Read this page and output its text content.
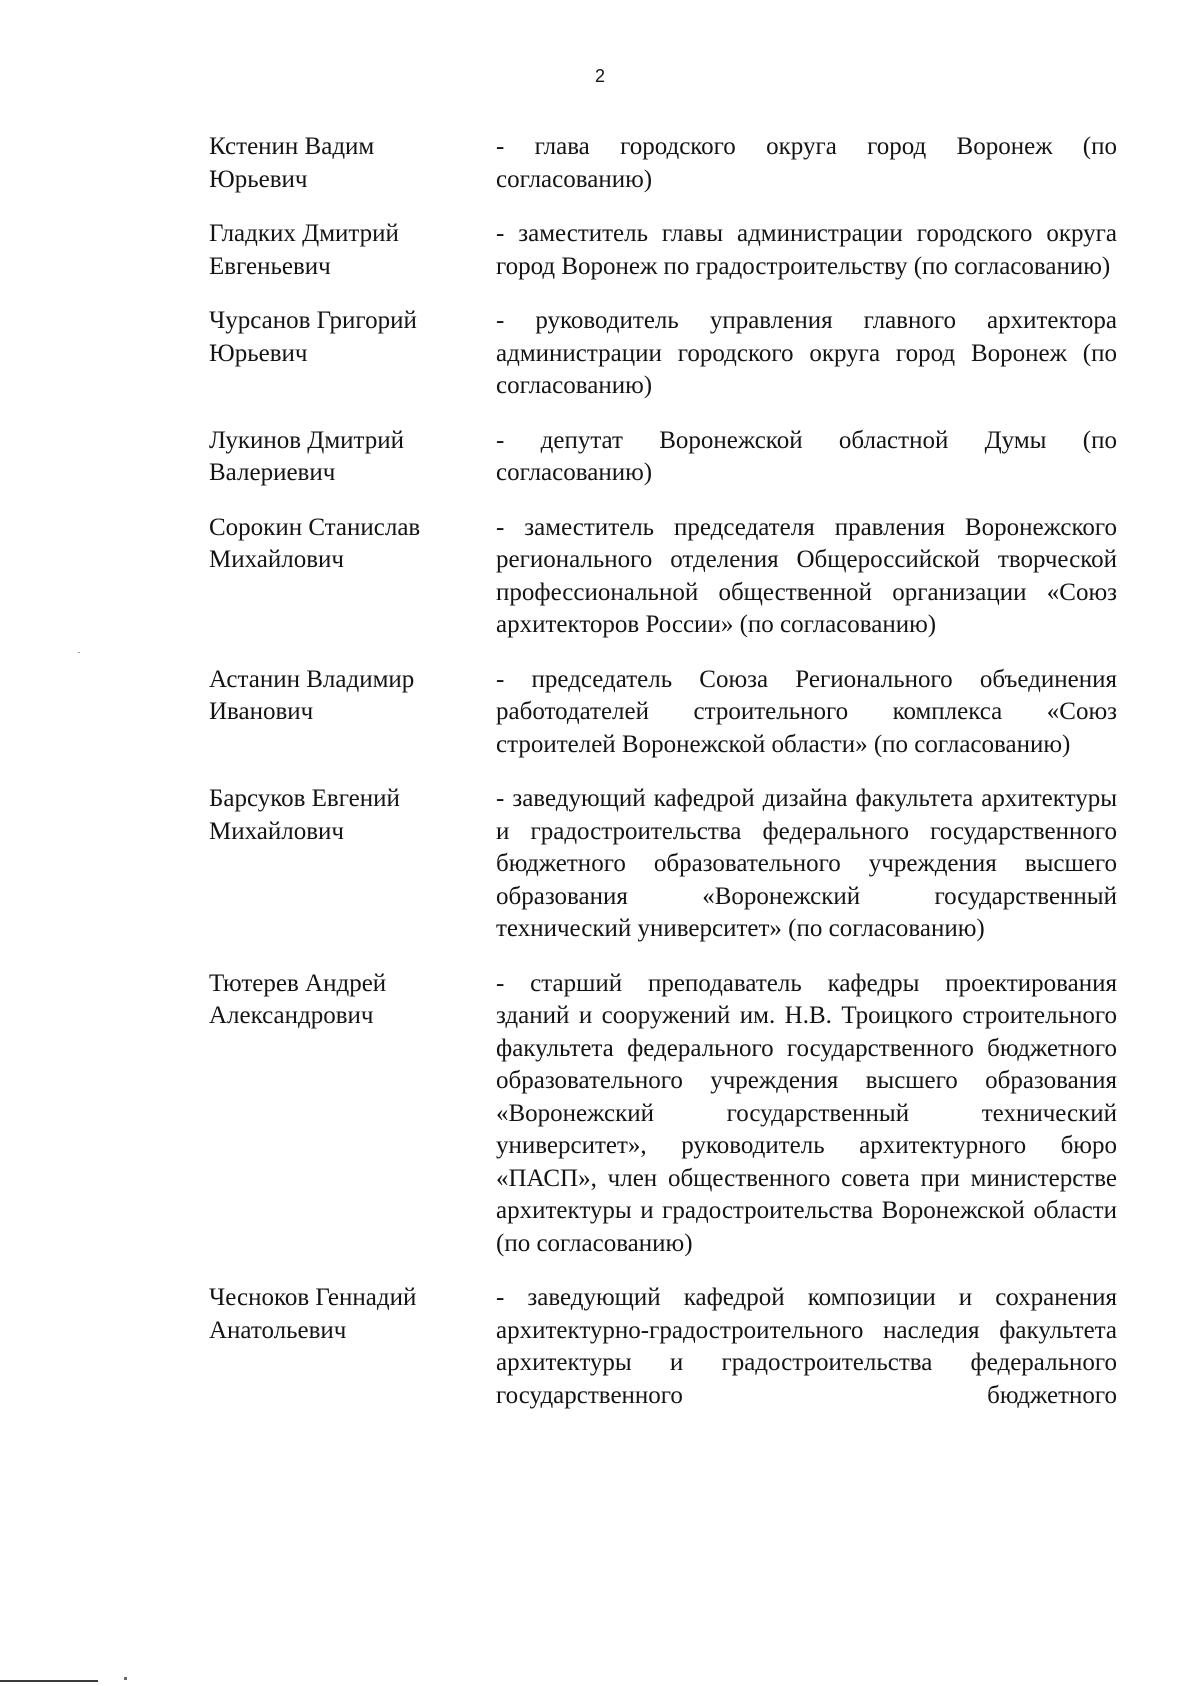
2
Кстенин Вадим
Юрьевич
- глава городского округа город Воронеж (по согласованию)
Гладких Дмитрий
Евгеньевич
- заместитель главы администрации городского округа город Воронеж по градостроительству (по согласованию)
Чурсанов Григорий
Юрьевич
- руководитель управления главного архитектора администрации городского округа город Воронеж (по согласованию)
Лукинов Дмитрий
Валериевич
- депутат Воронежской областной Думы (по согласованию)
Сорокин Станислав
Михайлович
- заместитель председателя правления Воронежского регионального отделения Общероссийской творческой профессиональной общественной организации «Союз архитекторов России» (по согласованию)
Астанин Владимир
Иванович
- председатель Союза Регионального объединения работодателей строительного комплекса «Союз строителей Воронежской области» (по согласованию)
Барсуков Евгений
Михайлович
- заведующий кафедрой дизайна факультета архитектуры и градостроительства федерального государственного бюджетного образовательного учреждения высшего образования «Воронежский государственный технический университет» (по согласованию)
Тютерев Андрей
Александрович
- старший преподаватель кафедры проектирования зданий и сооружений им. Н.В. Троицкого строительного факультета федерального государственного бюджетного образовательного учреждения высшего образования «Воронежский государственный технический университет», руководитель архитектурного бюро «ПАСП», член общественного совета при министерстве архитектуры и градостроительства Воронежской области (по согласованию)
Чесноков Геннадий
Анатольевич
- заведующий кафедрой композиции и сохранения архитектурно-градостроительного наследия факультета архитектуры и градостроительства федерального государственного бюджетного
